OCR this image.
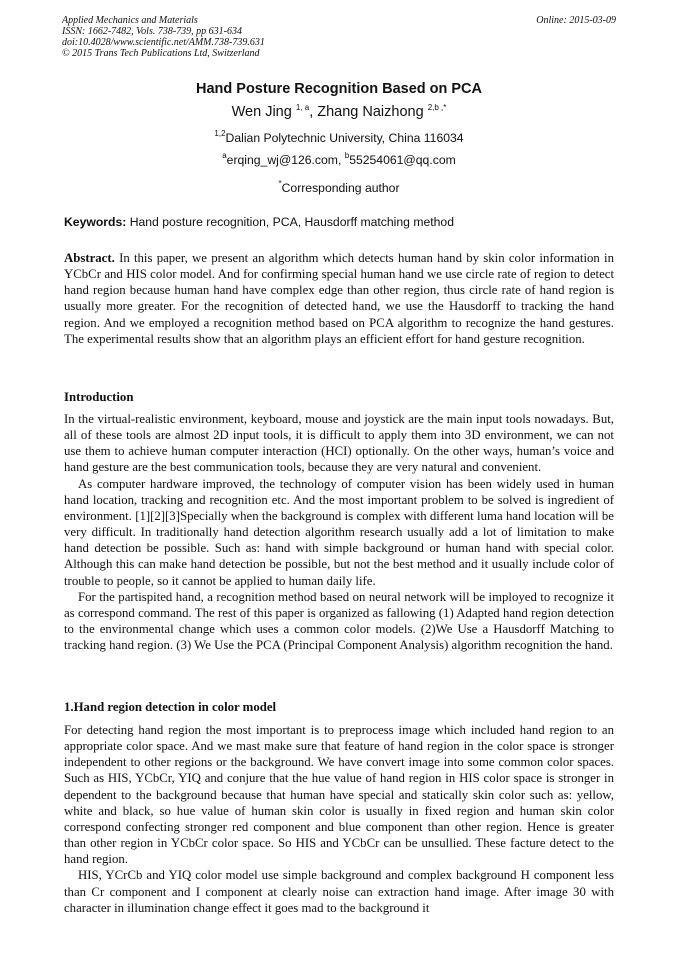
Applied Mechanics and Materials
ISSN: 1662-7482, Vols. 738-739, pp 631-634
doi:10.4028/www.scientific.net/AMM.738-739.631
© 2015 Trans Tech Publications Ltd, Switzerland
Online: 2015-03-09
Hand Posture Recognition Based on PCA
Wen Jing $^{1, a}$, Zhang Naizhong $^{2,b ,*}$
$^{1,2}$Dalian Polytechnic University, China 116034
$^a$erqing_wj@126.com, $^b$55254061@qq.com
*Corresponding author
Keywords: Hand posture recognition, PCA, Hausdorff matching method

Abstract. In this paper, we present an algorithm which detects human hand by skin color information in YCbCr and HIS color model. And for confirming special human hand we use circle rate of region to detect hand region because human hand have complex edge than other region, thus circle rate of hand region is usually more greater. For the recognition of detected hand, we use the Hausdorff to tracking the hand region. And we employed a recognition method based on PCA algorithm to recognize the hand gestures. The experimental results show that an algorithm plays an efficient effort for hand gesture recognition.

Introduction

In the virtual-realistic environment, keyboard, mouse and joystick are the main input tools nowadays. But, all of these tools are almost 2D input tools, it is difficult to apply them into 3D environment, we can not use them to achieve human computer interaction (HCI) optionally. On the other ways, human’s voice and hand gesture are the best communication tools, because they are very natural and convenient.

As computer hardware improved, the technology of computer vision has been widely used in human hand location, tracking and recognition etc. And the most important problem to be solved is ingredient of environment. [1][2][3]Specially when the background is complex with different luma hand location will be very difficult. In traditionally hand detection algorithm research usually add a lot of limitation to make hand detection be possible. Such as: hand with simple background or human hand with special color. Although this can make hand detection be possible, but not the best method and it usually include color of trouble to people, so it cannot be applied to human daily life.

For the partispited hand, a recognition method based on neural network will be imployed to recognize it as correspond command. The rest of this paper is organized as fallowing (1) Adapted hand region detection to the environmental change which uses a common color models. (2)We Use a Hausdorff Matching to tracking hand region. (3) We Use the PCA (Principal Component Analysis) algorithm recognition the hand.

1.Hand region detection in color model

For detecting hand region the most important is to preprocess image which included hand region to an appropriate color space. And we mast make sure that feature of hand region in the color space is stronger independent to other regions or the background. We have convert image into some common color spaces. Such as HIS, YCbCr, YIQ and conjure that the hue value of hand region in HIS color space is stronger in dependent to the background because that human have special and statically skin color such as: yellow, white and black, so hue value of human skin color is usually in fixed region and human skin color correspond confecting stronger red component and blue component than other region. Hence is greater than other region in YCbCr color space. So HIS and YCbCr can be unsullied. These facture detect to the hand region.

HIS, YCrCb and YIQ color model use simple background and complex background H component less than Cr component and I component at clearly noise can extraction hand image. After image 30 with character in illumination change effect it goes mad to the background it
